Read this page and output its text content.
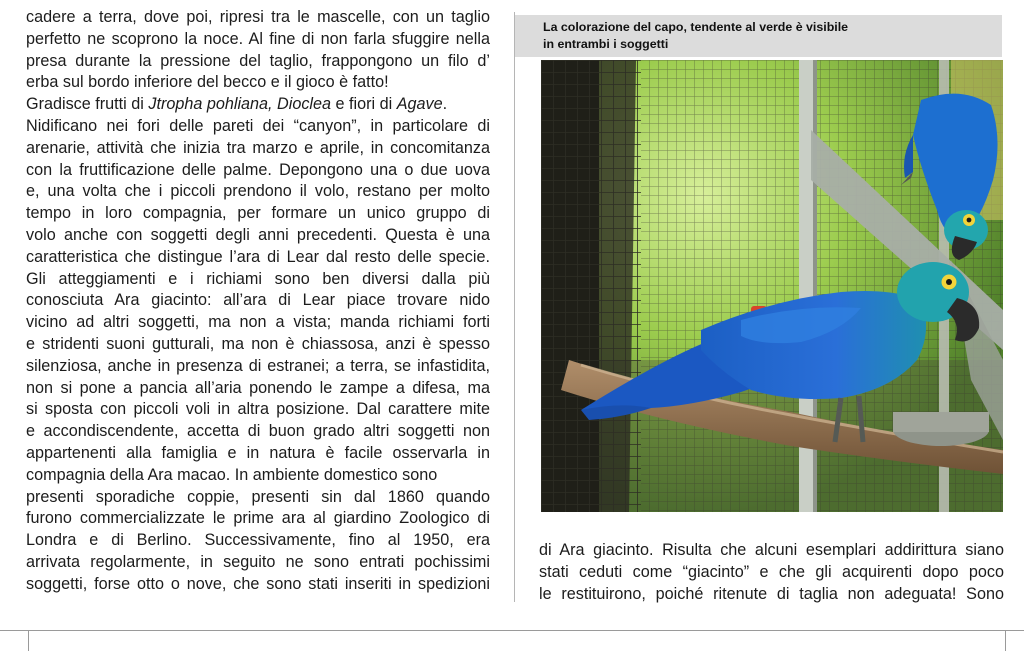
cadere a terra, dove poi, ripresi tra le mascelle, con un taglio

perfetto ne scoprono la noce. Al fine di non farla sfuggire nella

presa durante la pressione del taglio, frappongono un filo d’

erba sul bordo inferiore del becco e il gioco è fatto!

Gradisce frutti di Jtropha pohliana, Dioclea e fiori di Agave.

Nidificano nei fori delle pareti dei “canyon”, in particolare di

arenarie, attività che inizia tra marzo e aprile, in concomitanza

con la fruttificazione delle palme. Depongono una o due uova

e, una volta che i piccoli prendono il volo, restano per molto

tempo in loro compagnia, per formare un unico gruppo di

volo anche con soggetti degli anni precedenti. Questa è una

caratteristica che distingue l’ara di Lear dal resto delle specie.

Gli atteggiamenti e i richiami sono ben diversi dalla più

conosciuta Ara giacinto: all’ara di Lear piace trovare nido

vicino ad altri soggetti, ma non a vista; manda richiami forti

e stridenti suoni gutturali, ma non è chiassosa, anzi è spesso

silenziosa, anche in presenza di estranei; a terra, se infastidita,

non si pone a pancia all’aria ponendo le zampe a difesa, ma

si sposta con piccoli voli in altra posizione. Dal carattere mite

e accondiscendente, accetta di buon grado altri soggetti non

appartenenti alla famiglia e in natura è facile osservarla in

compagnia della Ara macao. In ambiente domestico sono

presenti sporadiche coppie, presenti sin dal 1860 quando

furono commercializzate le prime ara al giardino Zoologico di

Londra e di Berlino. Successivamente, fino al 1950, era

arrivata regolarmente, in seguito ne sono entrati pochissimi

soggetti, forse otto o nove, che sono stati inseriti in spedizioni

La colorazione del capo, tendente al verde è visibile

in entrambi i soggetti

di Ara giacinto. Risulta che alcuni esemplari addirittura siano

stati ceduti come “giacinto” e che gli acquirenti dopo poco

le restituirono, poiché ritenute di taglia non adeguata! Sono
